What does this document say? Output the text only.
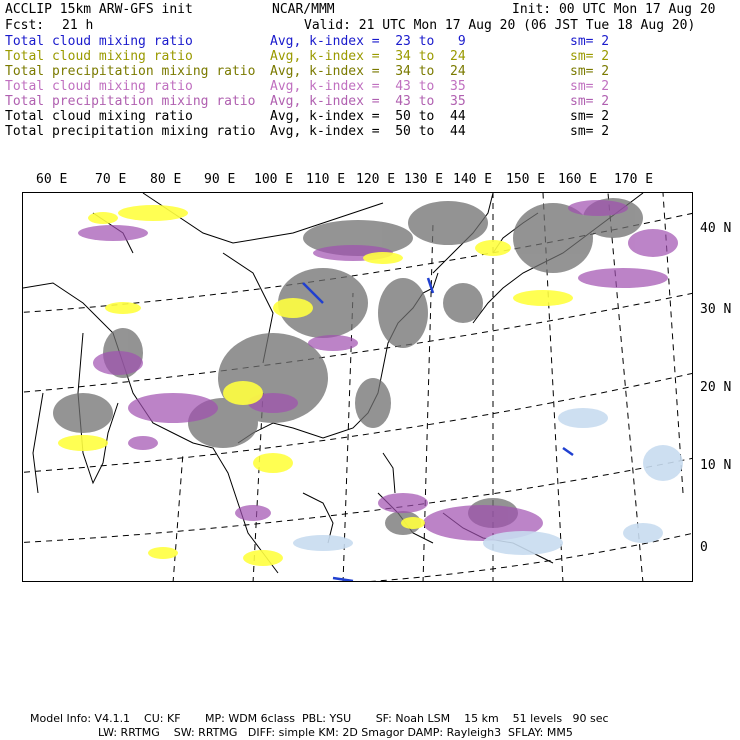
ACCLIP 15km ARW-GFS init	NCAR/MMM	Init: 00 UTC Mon 17 Aug 20
Fcst: 21 h	Valid: 21 UTC Mon 17 Aug 20 (06 JST Tue 18 Aug 20)
Total cloud mixing ratio	Avg, k-index =  23 to   9	sm= 2
Total cloud mixing ratio	Avg, k-index =  34 to  24	sm= 2
Total precipitation mixing ratio Avg, k-index =  34 to  24	sm= 2
Total cloud mixing ratio	Avg, k-index =  43 to  35	sm= 2
Total precipitation mixing ratio Avg, k-index =  43 to  35	sm= 2
Total cloud mixing ratio	Avg, k-index =  50 to  44	sm= 2
Total precipitation mixing ratio Avg, k-index =  50 to  44	sm= 2
60 E 70 E 80 E 90 E 100 E 110 E 120 E 130 E 140 E 150 E 160 E 170 E
40 N
30 N
20 N
10 N
0
Model Info: V4.1.1    CU: KF       MP: WDM 6class  PBL: YSU       SF: Noah LSM    15 km    51 levels   90 sec
LW: RRTMG    SW: RRTMG   DIFF: simple KM: 2D Smagor DAMP: Rayleigh3  SFLAY: MM5
